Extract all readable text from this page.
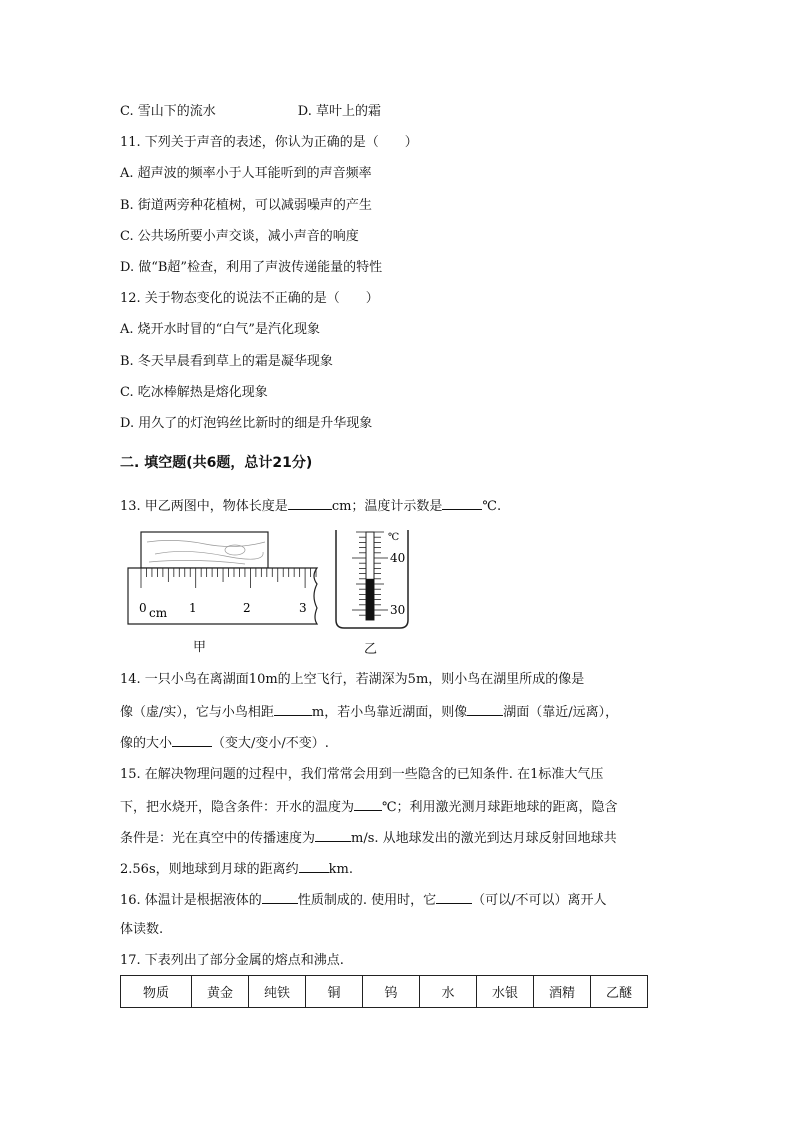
C. 雪山下的流水	D. 草叶上的霜
11. 下列关于声音的表述，你认为正确的是（　　）
A. 超声波的频率小于人耳能听到的声音频率
B. 街道两旁种花植树，可以减弱噪声的产生
C. 公共场所要小声交谈，减小声音的响度
D. 做“B超”检查，利用了声波传递能量的特性
12. 关于物态变化的说法不正确的是（　　）
A. 烧开水时冒的“白气”是汽化现象
B. 冬天早晨看到草上的霜是凝华现象
C. 吃冰棒解热是熔化现象
D. 用久了的灯泡钨丝比新时的细是升华现象
二. 填空题(共6题，总计21分)
13. 甲乙两图中，物体长度是	cm；温度计示数是	℃.
0	1	2	3
cm
甲
℃
40
30
乙
14. 一只小鸟在离湖面10m的上空飞行，若湖深为5m，则小鸟在湖里所成的像是
像（虚/实），它与小鸟相距	m，若小鸟靠近湖面，则像	湖面（靠近/远离），
像的大小	（变大/变小/不变）.
15. 在解决物理问题的过程中，我们常常会用到一些隐含的已知条件. 在1标准大气压
下，把水烧开，隐含条件：开水的温度为 ℃；利用激光测月球距地球的距离，隐含
条件是：光在真空中的传播速度为	m/s. 从地球发出的激光到达月球反射回地球共
2.56s，则地球到月球的距离约 km.
16. 体温计是根据液体的	性质制成的. 使用时，它	（可以/不可以）离开人
体读数.
17. 下表列出了部分金属的熔点和沸点.
物质	黄金	纯铁	铜	钨	水	水银	酒精	乙醚
